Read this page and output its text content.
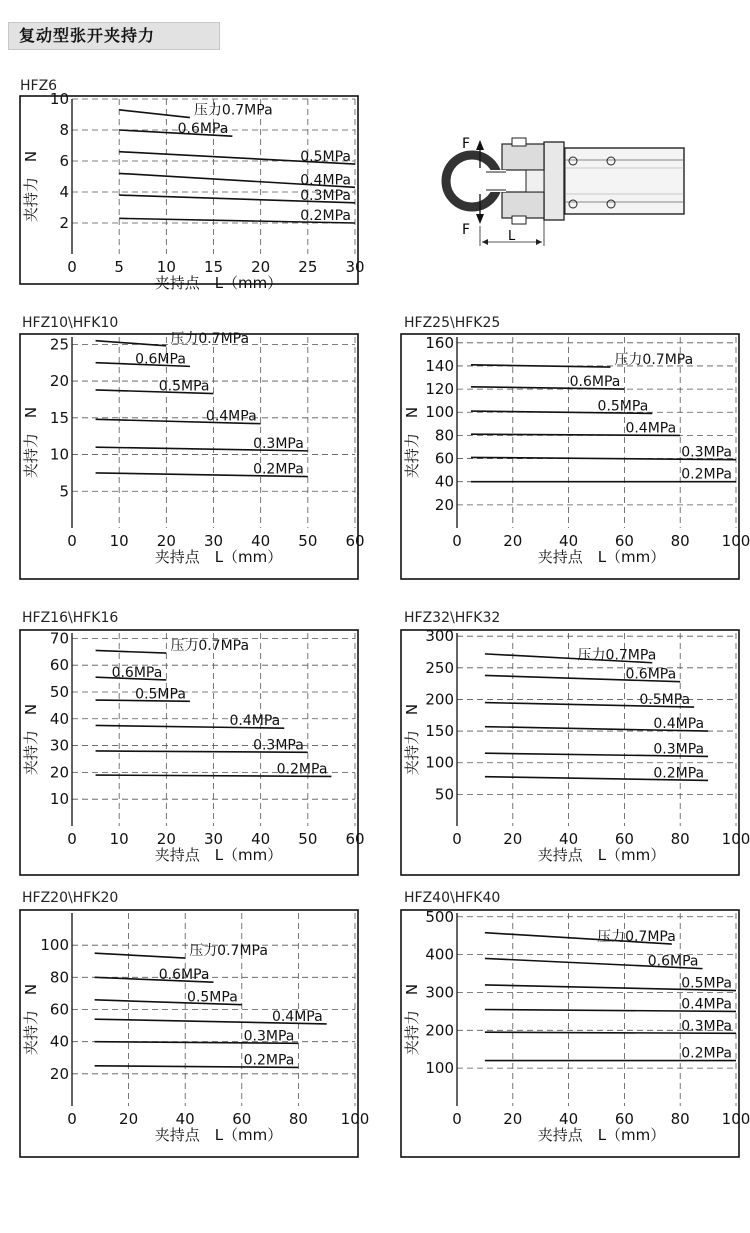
复动型张开夹持力
0	5 10 15 20 25 30
2
4
6
8
10
夹持点　L（mm）
夹持力　N
压力0.7MPa
0.6MPa
0.5MPa
0.4MPa
0.3MPa
0.2MPa
0 10 20 30 40 50 60
5
10
15
20
25
夹持点　L（mm）
夹持力　N
压力0.7MPa
0.6MPa
0.5MPa
0.4MPa
0.3MPa
0.2MPa
0	20 40 60 80 100
20
40
60
80
100
120
140
160
夹持点　L（mm）
夹持力　N
压力0.7MPa
0.6MPa
0.5MPa
0.4MPa
0.3MPa
0.2MPa
0 10 20 30 40 50 60
10
20
30
40
50
60
70
夹持点　L（mm）
夹持力　N
压力0.7MPa
0.6MPa
0.5MPa
0.4MPa
0.3MPa
0.2MPa
0	20 40 60 80 100
50
100
150
200
250
300
夹持点　L（mm）
夹持力　N
压力0.7MPa
0.6MPa
0.5MPa
0.4MPa
0.3MPa
0.2MPa
0	20	40	60	80 100
20
40
60
80
100
夹持点　L（mm）
夹持力　N
压力0.7MPa
0.6MPa
0.5MPa
0.4MPa
0.3MPa
0.2MPa
0	20 40 60 80 100
100
200
300
400
500
夹持点　L（mm）
夹持力　N
压力0.7MPa
0.6MPa
0.5MPa
0.4MPa
0.3MPa
0.2MPa
F
F	L
HFZ6
HFZ10\HFK10	HFZ25\HFK25
HFZ16\HFK16	HFZ32\HFK32
HFZ20\HFK20	HFZ40\HFK40
